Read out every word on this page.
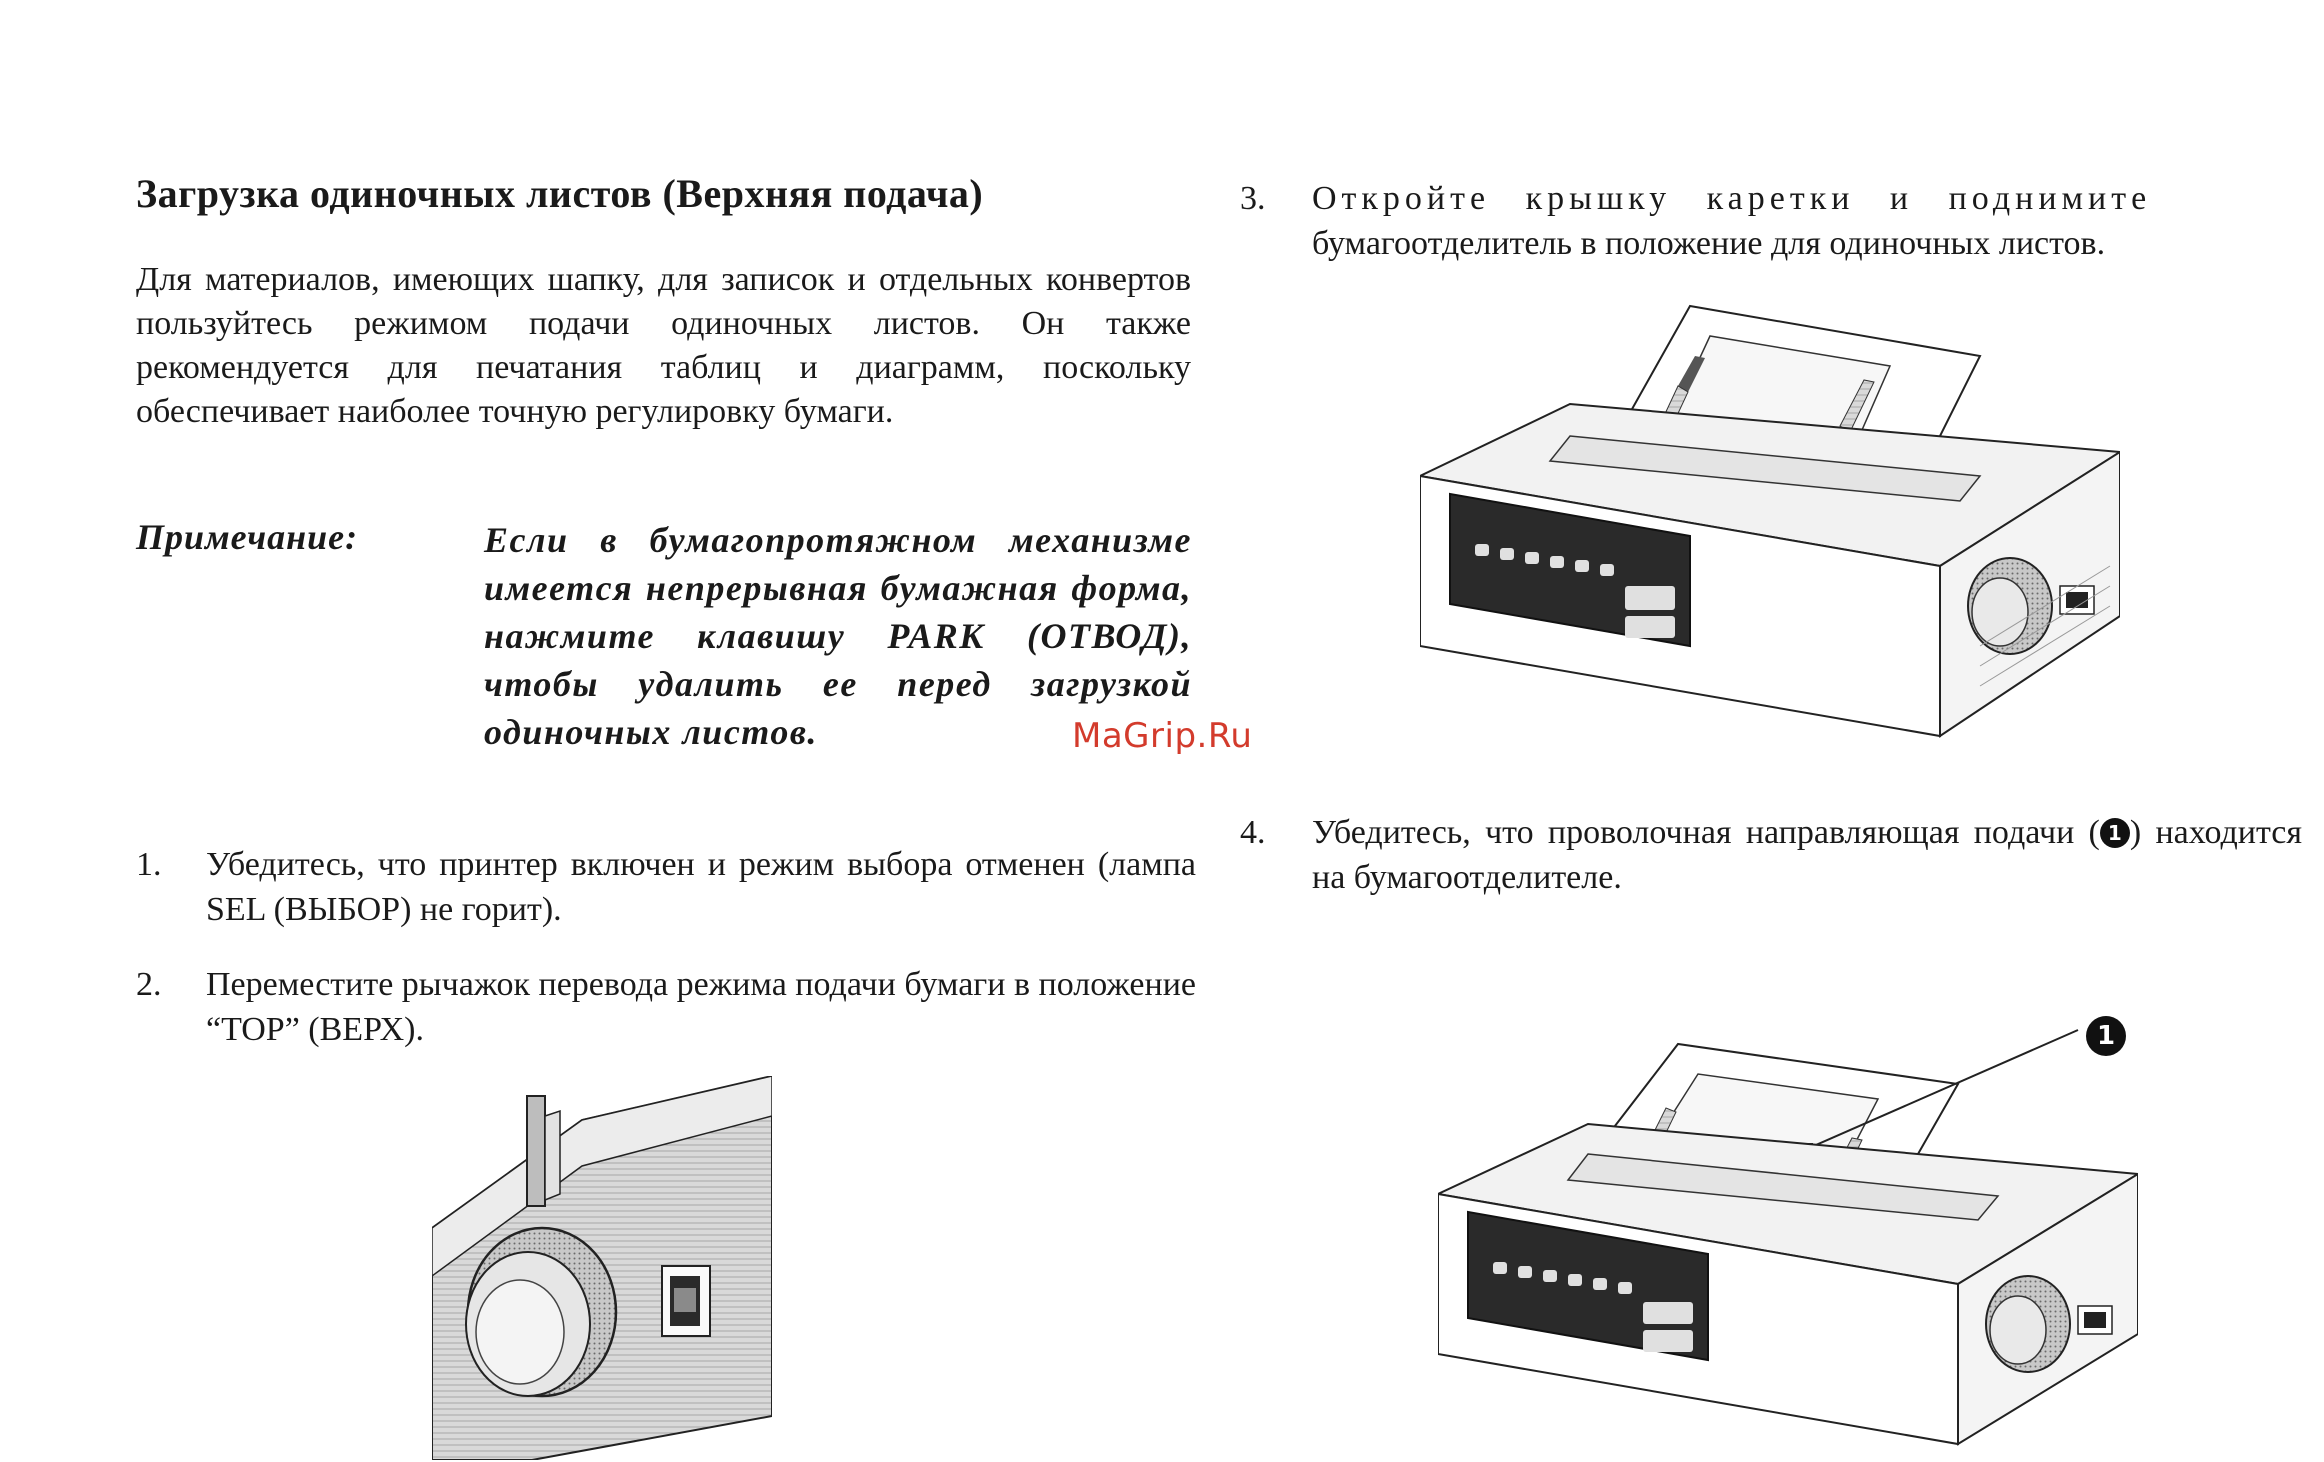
Загрузка одиночных листов (Верхняя подача)

Для материалов, имеющих шапку, для записок и отдельных конвертов пользуйтесь режимом подачи одиночных листов. Он также рекомендуется для печатания таблиц и диаграмм, поскольку обеспечивает наиболее точную регулировку бумаги.

Примечание:	Если в бумагопротяжном механизме имеется непрерывная бумажная форма, нажмите клавишу PARK (ОТВОД), чтобы удалить ее перед загрузкой одиночных листов.

1. Убедитесь, что принтер включен и режим выбора отменен (лампа SEL (ВЫБОР) не горит).
2. Переместите рычажок перевода режима подачи бумаги в положение “TOP” (ВЕРХ).
3. Откройте крышку каретки и поднимите
бумагоотделитель в положение для одиночных листов.
4. Убедитесь, что проволочная направляющая подачи ( 1 ) находится на бумагоотделителе.
MaGrip.Ru
1
